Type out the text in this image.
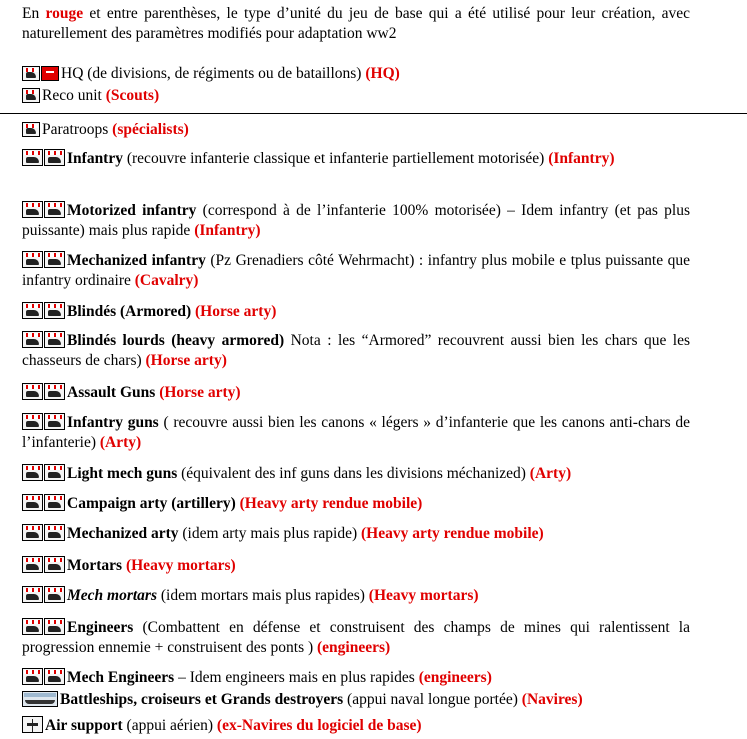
En rouge et entre parenthèses, le type d’unité du jeu de base qui a été utilisé pour leur création, avec naturellement des paramètres modifiés pour adaptation ww2
HQ (de divisions, de régiments ou de bataillons) (HQ)
Reco unit (Scouts)
Paratroops (spécialists)
Infantry (recouvre infanterie classique et infanterie partiellement motorisée) (Infantry)
Motorized infantry (correspond à de l’infanterie 100% motorisée) – Idem infantry (et pas plus puissante) mais plus rapide (Infantry)
Mechanized infantry (Pz Grenadiers côté Wehrmacht) : infantry plus mobile e tplus puissante que infantry ordinaire (Cavalry)
Blindés (Armored) (Horse arty)
Blindés lourds (heavy armored) Nota : les “Armored” recouvrent aussi bien les chars que les chasseurs de chars) (Horse arty)
Assault Guns (Horse arty)
Infantry guns ( recouvre aussi bien les canons « légers » d’infanterie que les canons anti-chars de l’infanterie) (Arty)
Light mech guns (équivalent des inf guns dans les divisions méchanized) (Arty)
Campaign arty (artillery) (Heavy arty rendue mobile)
Mechanized arty (idem arty mais plus rapide) (Heavy arty rendue mobile)
Mortars (Heavy mortars)
Mech mortars (idem mortars mais plus rapides) (Heavy mortars)
Engineers (Combattent en défense et construisent des champs de mines qui ralentissent la progression ennemie + construisent des ponts ) (engineers)
Mech Engineers – Idem engineers mais en plus rapides (engineers)
Battleships, croiseurs et Grands destroyers (appui naval longue portée) (Navires)
Air support (appui aérien) (ex-Navires du logiciel de base)
